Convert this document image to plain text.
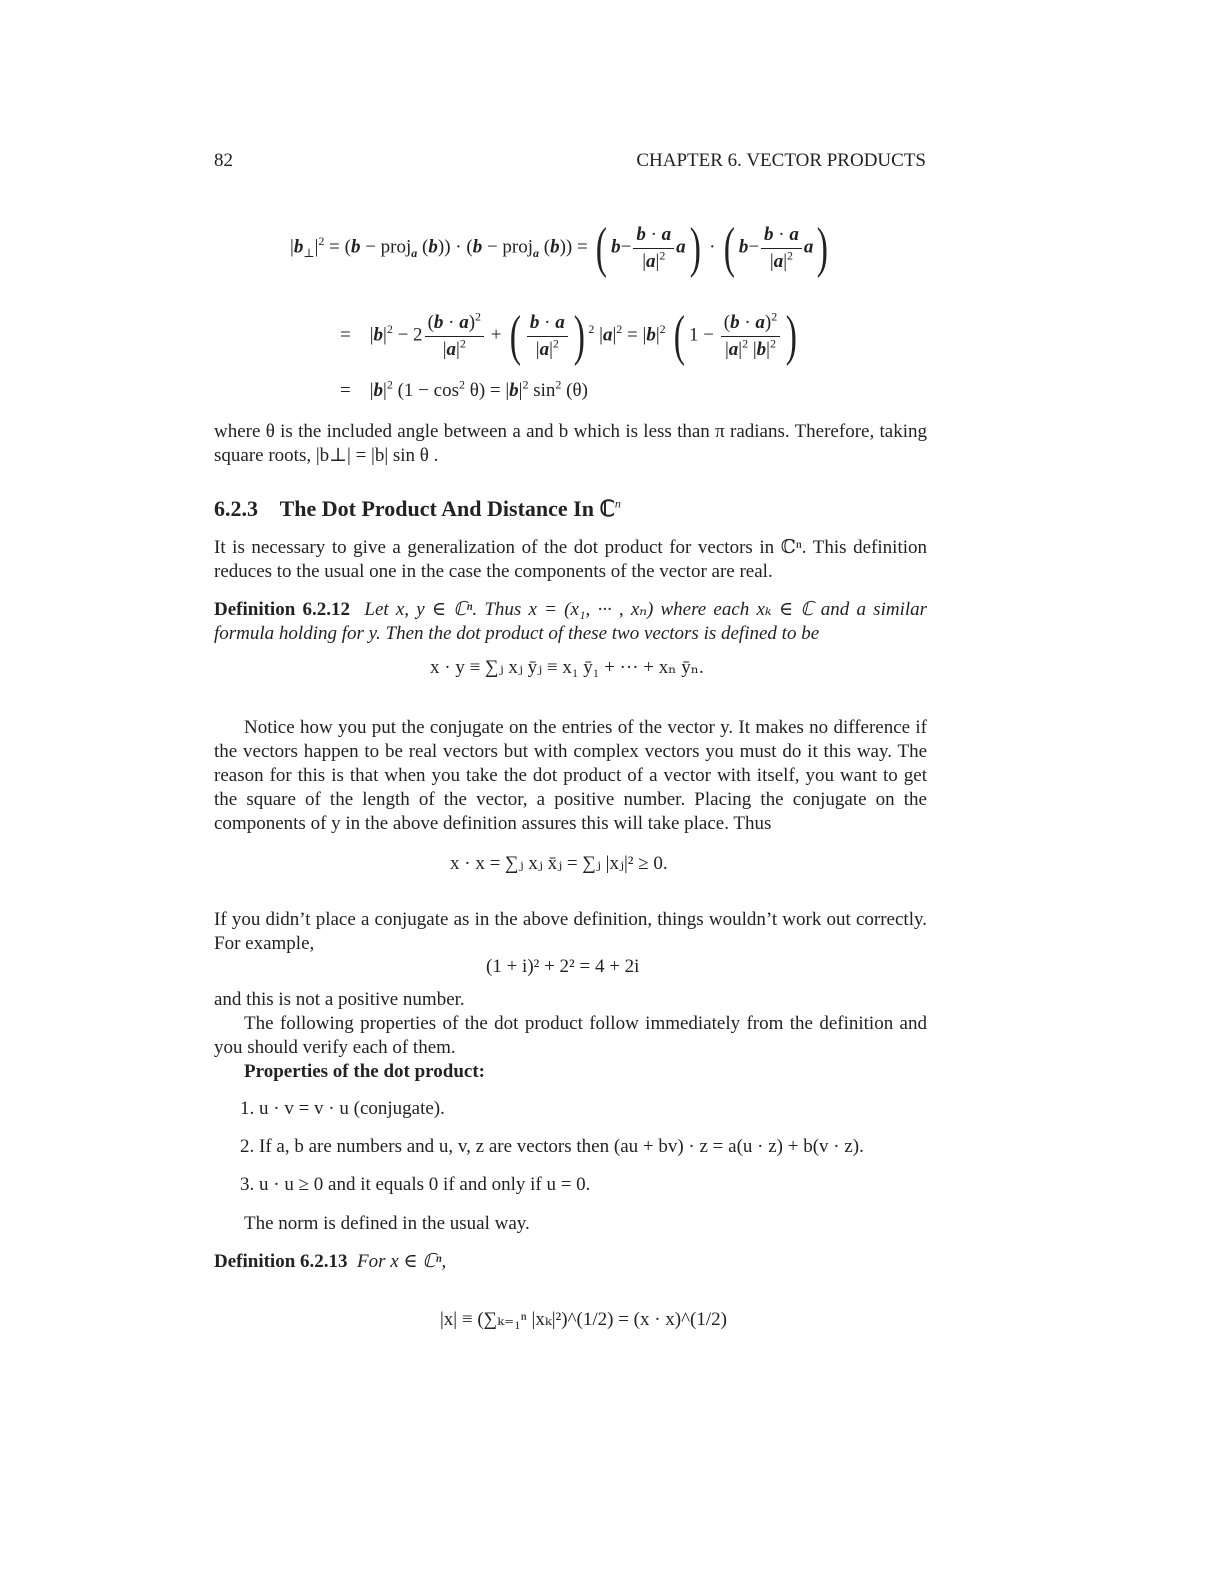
82	CHAPTER 6. VECTOR PRODUCTS
$|b_\perp|^2 = (b$ − proj$_a$ (b)) · (b − proj$_a$ (b)) = ( $b- \frac{b \cdot a}{|a|^2} a$) · ( $b- \frac{b \cdot a}{|a|^2} a$)
=    $|b|^2 - 2 \frac{(b \cdot a)^2}{|a|^2}$ + ( $\frac{b \cdot a}{|a|^2}$ ) $^2$ $|a|^2 = |b|^2$ ( $1 - \frac{(b \cdot a)^2}{|a|^2 |b|^2}$ )
=    $|b|^2$ $(1 - \cos^2 \theta) = |b|^2$ $\sin^2 (\theta)$
where θ is the included angle between a and b which is less than π radians. Therefore, taking square roots, |b⊥| = |b| sin θ .
6.2.3 The Dot Product And Distance In ℂ$^n$
It is necessary to give a generalization of the dot product for vectors in ℂⁿ. This definition reduces to the usual one in the case the components of the vector are real.
Definition 6.2.12 Let x, y ∈ ℂⁿ. Thus x = (x₁, ··· , xₙ) where each xₖ ∈ ℂ and a similar formula holding for y. Then the dot product of these two vectors is defined to be
x · y ≡ ∑ⱼ xⱼ ȳⱼ ≡ x₁ ȳ₁ + ··· + xₙ ȳₙ.
Notice how you put the conjugate on the entries of the vector y. It makes no difference if the vectors happen to be real vectors but with complex vectors you must do it this way. The reason for this is that when you take the dot product of a vector with itself, you want to get the square of the length of the vector, a positive number. Placing the conjugate on the components of y in the above definition assures this will take place. Thus
x · x = ∑ⱼ xⱼ x̄ⱼ = ∑ⱼ |xⱼ|² ≥ 0.
If you didn’t place a conjugate as in the above definition, things wouldn’t work out correctly. For example,
(1 + i)² + 2² = 4 + 2i
and this is not a positive number.
The following properties of the dot product follow immediately from the definition and you should verify each of them.
Properties of the dot product:
1. u · v = v · u (conjugate).
2. If a, b are numbers and u, v, z are vectors then (au + bv) · z = a(u · z) + b(v · z).
3. u · u ≥ 0 and it equals 0 if and only if u = 0.
The norm is defined in the usual way.
Definition 6.2.13 For x ∈ ℂⁿ,
|x| ≡ (∑ₖ₌₁ⁿ |xₖ|²)^(1/2) = (x · x)^(1/2)
